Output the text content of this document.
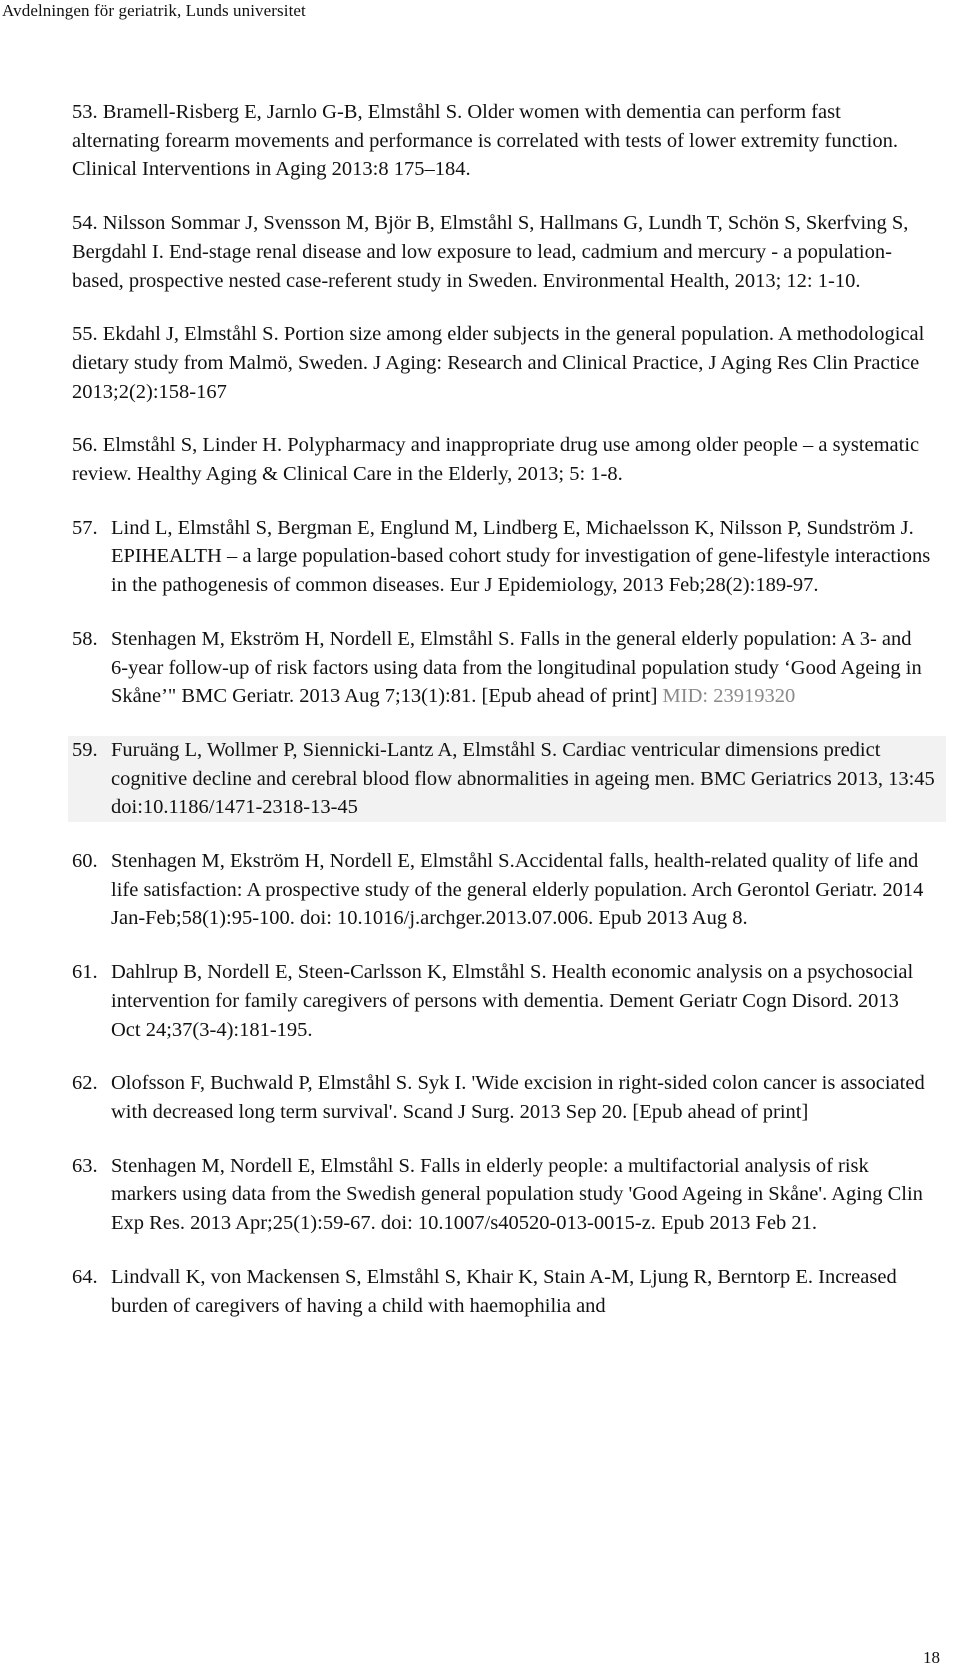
Avdelningen för geriatrik, Lunds universitet
53. Bramell-Risberg E, Jarnlo G-B, Elmståhl S. Older women with dementia can perform fast alternating forearm movements and performance is correlated with tests of lower extremity function. Clinical Interventions in Aging 2013:8 175–184.
54. Nilsson Sommar J, Svensson M, Björ B, Elmståhl S, Hallmans G, Lundh T, Schön S, Skerfving S, Bergdahl I. End-stage renal disease and low exposure to lead, cadmium and mercury - a population-based, prospective nested case-referent study in Sweden. Environmental Health, 2013; 12: 1-10.
55. Ekdahl J, Elmståhl S. Portion size among elder subjects in the general population. A methodological dietary study from Malmö, Sweden. J Aging: Research and Clinical Practice, J Aging Res Clin Practice 2013;2(2):158-167
56. Elmståhl S, Linder H. Polypharmacy and inappropriate drug use among older people – a systematic review. Healthy Aging & Clinical Care in the Elderly, 2013; 5: 1-8.
57. Lind L, Elmståhl S, Bergman E, Englund M, Lindberg E, Michaelsson K, Nilsson P, Sundström J. EPIHEALTH – a large population-based cohort study for investigation of gene-lifestyle interactions in the pathogenesis of common diseases. Eur J Epidemiology, 2013 Feb;28(2):189-97.
58. Stenhagen M, Ekström H, Nordell E, Elmståhl S. Falls in the general elderly population: A 3- and 6-year follow-up of risk factors using data from the longitudinal population study ‘Good Ageing in Skåne’" BMC Geriatr. 2013 Aug 7;13(1):81. [Epub ahead of print] MID: 23919320
59. Furuäng L, Wollmer P, Siennicki-Lantz A, Elmståhl S. Cardiac ventricular dimensions predict cognitive decline and cerebral blood flow abnormalities in ageing men. BMC Geriatrics 2013, 13:45 doi:10.1186/1471-2318-13-45
60. Stenhagen M, Ekström H, Nordell E, Elmståhl S.Accidental falls, health-related quality of life and life satisfaction: A prospective study of the general elderly population. Arch Gerontol Geriatr. 2014 Jan-Feb;58(1):95-100. doi: 10.1016/j.archger.2013.07.006. Epub 2013 Aug 8.
61. Dahlrup B, Nordell E, Steen-Carlsson K, Elmståhl S. Health economic analysis on a psychosocial intervention for family caregivers of persons with dementia. Dement Geriatr Cogn Disord. 2013 Oct 24;37(3-4):181-195.
62. Olofsson F, Buchwald P, Elmståhl S. Syk I. 'Wide excision in right-sided colon cancer is associated with decreased long term survival'. Scand J Surg. 2013 Sep 20. [Epub ahead of print]
63. Stenhagen M, Nordell E, Elmståhl S. Falls in elderly people: a multifactorial analysis of risk markers using data from the Swedish general population study 'Good Ageing in Skåne'. Aging Clin Exp Res. 2013 Apr;25(1):59-67. doi: 10.1007/s40520-013-0015-z. Epub 2013 Feb 21.
64. Lindvall K, von Mackensen S, Elmståhl S, Khair K, Stain A-M, Ljung R, Berntorp E. Increased burden of caregivers of having a child with haemophilia and
18
